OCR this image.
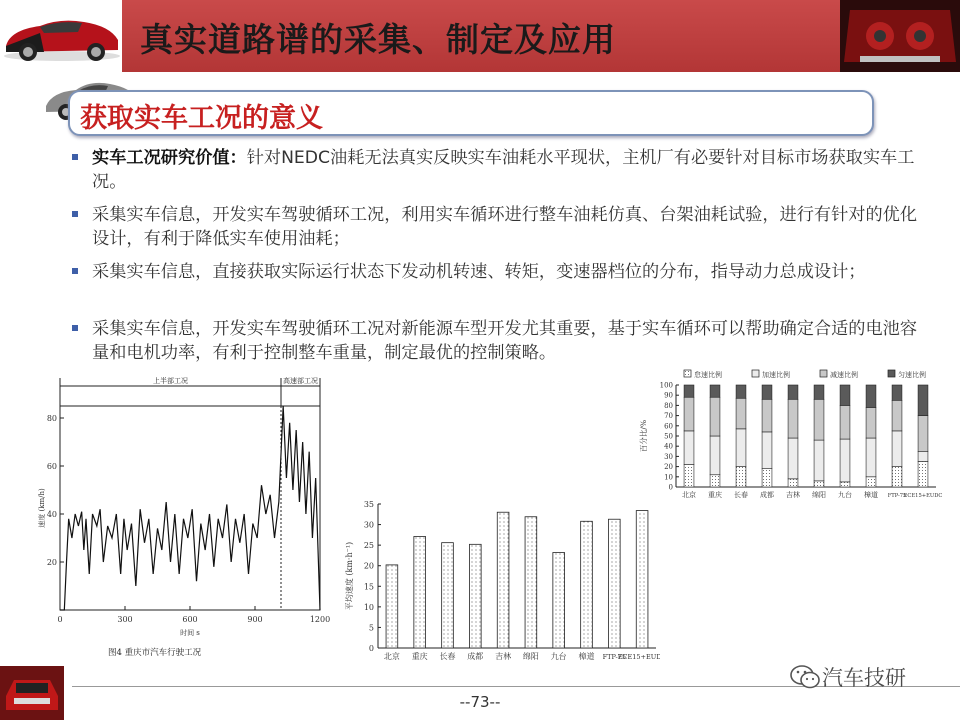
真实道路谱的采集、制定及应用
获取实车工况的意义
实车工况研究价值：针对NEDC油耗无法真实反映实车油耗水平现状，主机厂有必要针对目标市场获取实车工况。
采集实车信息，开发实车驾驶循环工况，利用实车循环进行整车油耗仿真、台架油耗试验，进行有针对的优化设计，有利于降低实车使用油耗；
采集实车信息，直接获取实际运行状态下发动机转速、转矩，变速器档位的分布，指导动力总成设计；
采集实车信息，开发实车驾驶循环工况对新能源车型开发尤其重要，基于实车循环可以帮助确定合适的电池容量和电机功率，有利于控制整车重量，制定最优的控制策略。
0	300	600	900	1200
20
40
60
80
时间 s
速度 (km/h)
上半部工况	高速部工况
图4 重庆市汽车行驶工况	0
5
10
15
20
25
30
35
平均速度 (km·h⁻¹)
北京 重庆 长春 成都 吉林 绵阳 九台 樟道 FTP-75
ECE15+EUD
怠速比例	加速比例	减速比例	匀速比例
0
10
20
30
40
50
60
70
80
90
100
百分比/%
北京 重庆 长春 成都 吉林 绵阳 九台 樟道 FTP-75
ECE15+EUDC
--73--
汽车技研
